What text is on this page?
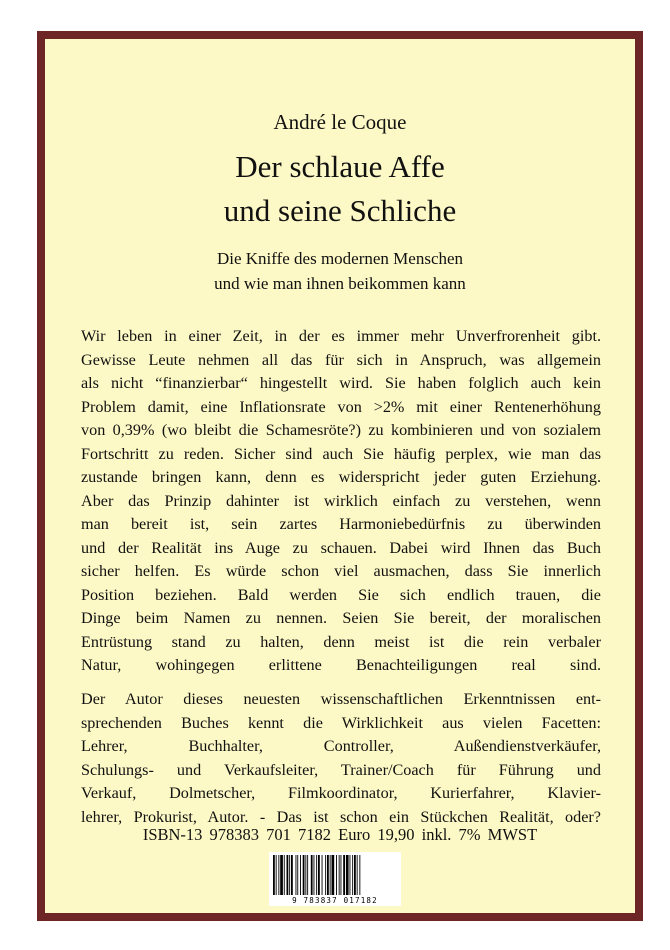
André le Coque
Der schlaue Affe
und seine Schliche
Die Kniffe des modernen Menschen
und wie man ihnen beikommen kann
Wir leben in einer Zeit, in der es immer mehr Unverfrorenheit gibt.
Gewisse Leute nehmen all das für sich in Anspruch, was allgemein
als nicht “finanzierbar“ hingestellt wird. Sie haben folglich auch kein
Problem damit, eine Inflationsrate von >2% mit einer Rentenerhöhung
von 0,39% (wo bleibt die Schamesröte?) zu kombinieren und von sozialem
Fortschritt zu reden. Sicher sind auch Sie häufig perplex, wie man das
zustande bringen kann, denn es widerspricht jeder guten Erziehung.
Aber das Prinzip dahinter ist wirklich einfach zu verstehen, wenn
man bereit ist, sein zartes Harmoniebedürfnis zu überwinden
und der Realität ins Auge zu schauen. Dabei wird Ihnen das Buch
sicher helfen. Es würde schon viel ausmachen, dass Sie innerlich
Position beziehen. Bald werden Sie sich endlich trauen, die
Dinge beim Namen zu nennen. Seien Sie bereit, der moralischen
Entrüstung stand zu halten, denn meist ist die rein verbaler
Natur, wohingegen erlittene Benachteiligungen real sind.
Der Autor dieses neuesten wissenschaftlichen Erkenntnissen ent-
sprechenden Buches kennt die Wirklichkeit aus vielen Facetten:
Lehrer, Buchhalter, Controller, Außendienstverkäufer,
Schulungs- und Verkaufsleiter, Trainer/Coach für Führung und
Verkauf, Dolmetscher, Filmkoordinator, Kurierfahrer, Klavier-
lehrer, Prokurist, Autor. - Das ist schon ein Stückchen Realität, oder?
ISBN-13 978383 701 7182 Euro 19,90 inkl. 7% MWST
9 783837 017182
